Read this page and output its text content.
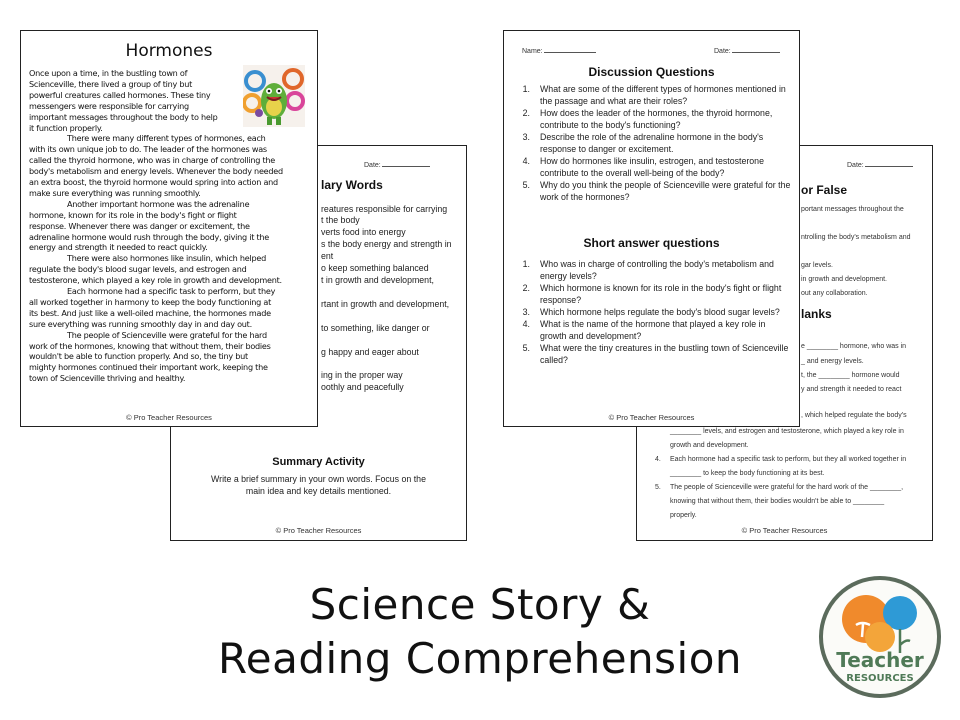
Date:
lary Words
reatures responsible for carrying
t the body
verts food into energy
s the body energy and strength in
ent
o keep something balanced
t in growth and development,
rtant in growth and development,
to something, like danger or
g happy and eager about
ing in the proper way
oothly and peacefully
Summary Activity
Write a brief summary in your own words. Focus on the
main idea and key details mentioned.
© Pro Teacher Resources
Hormones
Once upon a time, in the bustling town of
Scienceville, there lived a group of tiny but
powerful creatures called hormones. These tiny
messengers were responsible for carrying
important messages throughout the body to help
it function properly.
There were many different types of hormones, each
with its own unique job to do. The leader of the hormones was
called the thyroid hormone, who was in charge of controlling the
body's metabolism and energy levels. Whenever the body needed
an extra boost, the thyroid hormone would spring into action and
make sure everything was running smoothly.
Another important hormone was the adrenaline
hormone, known for its role in the body's fight or flight
response. Whenever there was danger or excitement, the
adrenaline hormone would rush through the body, giving it the
energy and strength it needed to react quickly.
There were also hormones like insulin, which helped
regulate the body's blood sugar levels, and estrogen and
testosterone, which played a key role in growth and development.
Each hormone had a specific task to perform, but they
all worked together in harmony to keep the body functioning at
its best. And just like a well-oiled machine, the hormones made
sure everything was running smoothly day in and day out.
The people of Scienceville were grateful for the hard
work of the hormones, knowing that without them, their bodies
wouldn't be able to function properly. And so, the tiny but
mighty hormones continued their important work, keeping the
town of Scienceville thriving and healthy.
© Pro Teacher Resources
Date:
or False
portant messages throughout the
ntrolling the body's metabolism and
gar levels.
in growth and development.
out any collaboration.
lanks
e ________ hormone, who was in
_ and energy levels.
t, the ________ hormone would
y and strength it needed to react
, which helped regulate the body's
________ levels, and estrogen and testosterone, which played a key role in
growth and development.
4. Each hormone had a specific task to perform, but they all worked together in
________ to keep the body functioning at its best.
5. The people of Scienceville were grateful for the hard work of the ________,
knowing that without them, their bodies wouldn't be able to ________
properly.
© Pro Teacher Resources
Name:	Date:
Discussion Questions
1. What are some of the different types of hormones mentioned in the passage and what are their roles?
2. How does the leader of the hormones, the thyroid hormone, contribute to the body's functioning?
3. Describe the role of the adrenaline hormone in the body's response to danger or excitement.
4. How do hormones like insulin, estrogen, and testosterone contribute to the overall well-being of the body?
5. Why do you think the people of Scienceville were grateful for the work of the hormones?
Short answer questions
1. Who was in charge of controlling the body's metabolism and energy levels?
2. Which hormone is known for its role in the body's fight or flight response?
3. Which hormone helps regulate the body's blood sugar levels?
4. What is the name of the hormone that played a key role in growth and development?
5. What were the tiny creatures in the bustling town of Scienceville called?
© Pro Teacher Resources
Science Story &
Reading Comprehension	Teacher
RESOURCES
